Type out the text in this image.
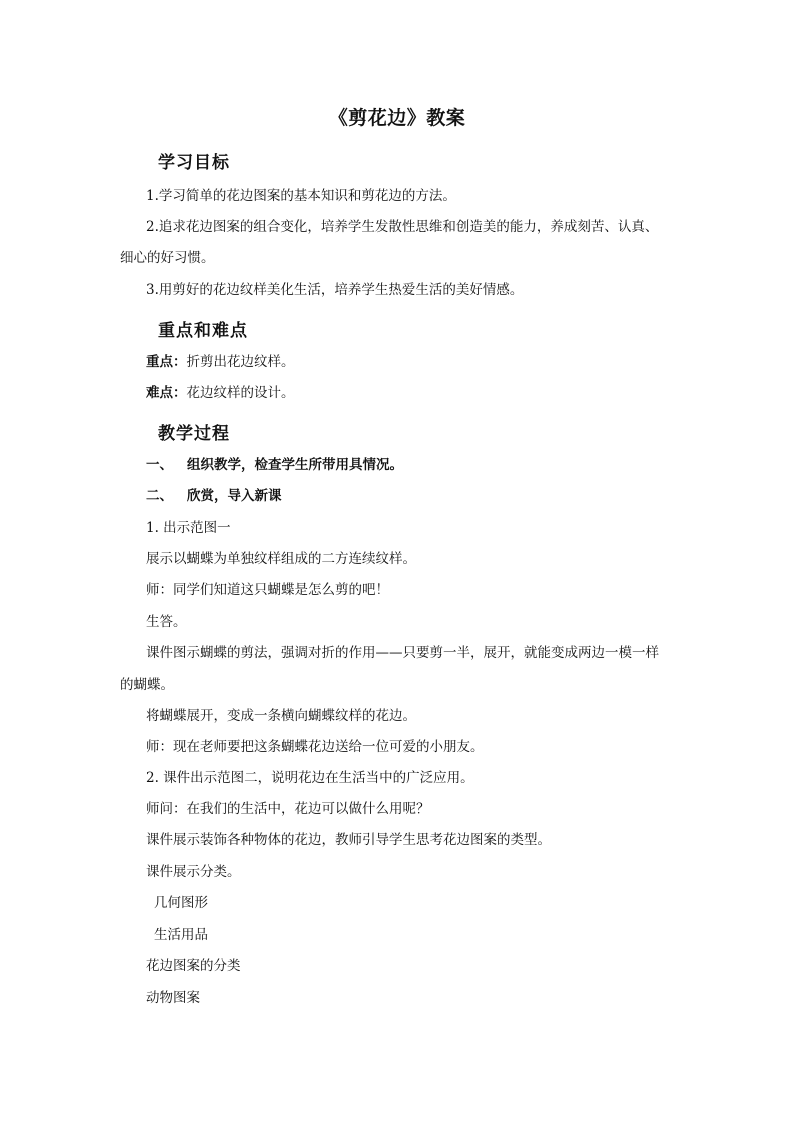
《剪花边》教案
学习目标
1.学习简单的花边图案的基本知识和剪花边的方法。
2.追求花边图案的组合变化，培养学生发散性思维和创造美的能力，养成刻苦、认真、
细心的好习惯。
3.用剪好的花边纹样美化生活，培养学生热爱生活的美好情感。
重点和难点
重点：折剪出花边纹样。
难点：花边纹样的设计。
教学过程
一、 组织教学，检查学生所带用具情况。
二、 欣赏，导入新课
1. 出示范图一
展示以蝴蝶为单独纹样组成的二方连续纹样。
师：同学们知道这只蝴蝶是怎么剪的吧！
生答。
课件图示蝴蝶的剪法，强调对折的作用——只要剪一半，展开，就能变成两边一模一样
的蝴蝶。
将蝴蝶展开，变成一条横向蝴蝶纹样的花边。
师：现在老师要把这条蝴蝶花边送给一位可爱的小朋友。
2. 课件出示范图二，说明花边在生活当中的广泛应用。
师问：在我们的生活中，花边可以做什么用呢？
课件展示装饰各种物体的花边，教师引导学生思考花边图案的类型。
课件展示分类。
几何图形
生活用品
花边图案的分类
动物图案
